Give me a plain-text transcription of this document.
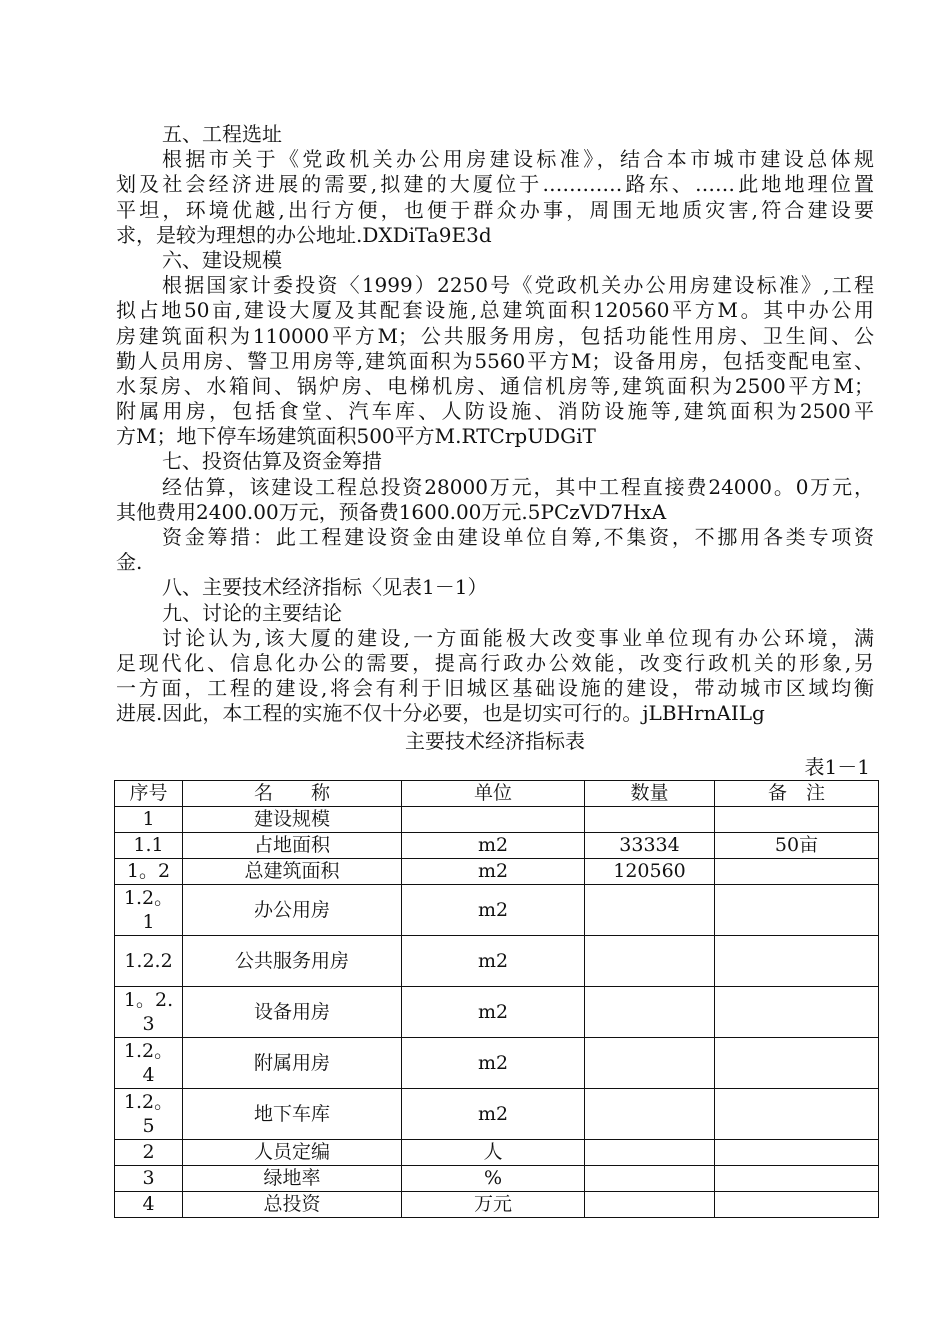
五、工程选址
根据市关于《党政机关办公用房建设标准》，结合本市城市建设总体规
划及社会经济进展的需要,拟建的大厦位于…………路东、……此地地理位置
平坦，环境优越,出行方便，也便于群众办事，周围无地质灾害,符合建设要
求，是较为理想的办公地址.DXDiTa9E3d
六、建设规模
根据国家计委投资〈1999）2250号《党政机关办公用房建设标准》,工程
拟占地50亩,建设大厦及其配套设施,总建筑面积120560平方M。其中办公用
房建筑面积为110000平方M；公共服务用房，包括功能性用房、卫生间、公
勤人员用房、警卫用房等,建筑面积为5560平方M；设备用房，包括变配电室、
水泵房、水箱间、锅炉房、电梯机房、通信机房等,建筑面积为2500平方M；
附属用房，包括食堂、汽车库、人防设施、消防设施等,建筑面积为2500平
方M；地下停车场建筑面积500平方M.RTCrpUDGiT
七、投资估算及资金筹措
经估算，该建设工程总投资28000万元，其中工程直接费24000。0万元，
其他费用2400.00万元，预备费1600.00万元.5PCzVD7HxA
资金筹措：此工程建设资金由建设单位自筹,不集资，不挪用各类专项资
金.
八、主要技术经济指标〈见表1－1）
九、讨论的主要结论
讨论认为,该大厦的建设,一方面能极大改变事业单位现有办公环境，满
足现代化、信息化办公的需要，提高行政办公效能，改变行政机关的形象,另
一方面，工程的建设,将会有利于旧城区基础设施的建设，带动城市区域均衡
进展.因此，本工程的实施不仅十分必要，也是切实可行的。jLBHrnAILg
主要技术经济指标表
表1－1
序号	名　　称	单位	数量	备　注
1	建设规模			
1.1	占地面积	m2	33334	50亩
1。2	总建筑面积	m2	120560	

1.2。1	办公用房	m2		

1.2.2	公共服务用房	m2		

1。2.3	设备用房	m2		

1.2。4	附属用房	m2		

1.2。5	地下车库	m2		
2	人员定编	人		
3	绿地率	%		
4	总投资	万元		
